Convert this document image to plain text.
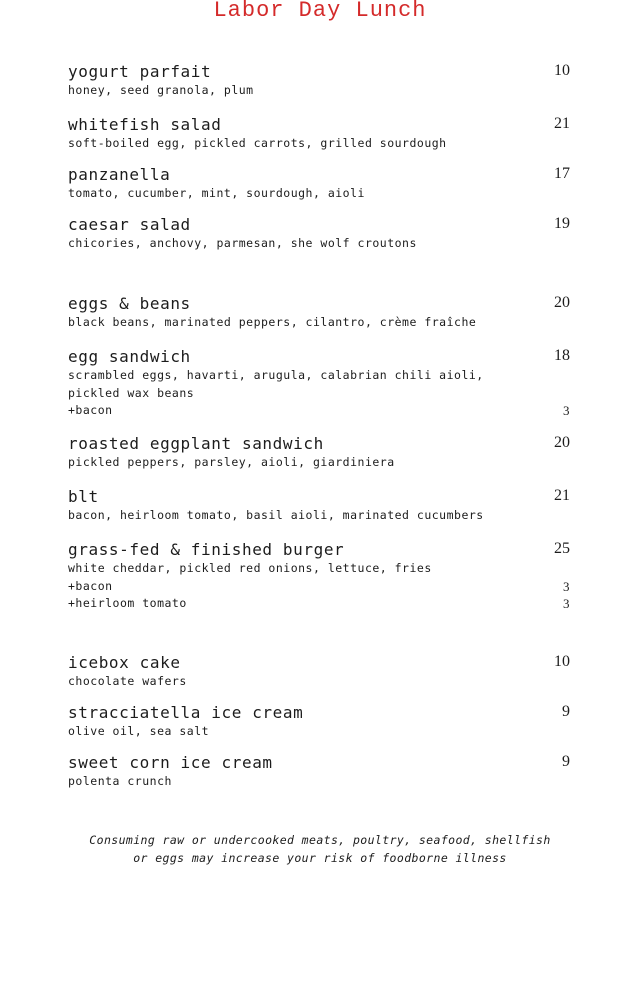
Labor Day Lunch
yogurt parfait	10
honey, seed granola, plum
whitefish salad	21
soft-boiled egg, pickled carrots, grilled sourdough
panzanella	17
tomato, cucumber, mint, sourdough, aioli
caesar salad	19
chicories, anchovy, parmesan, she wolf croutons
eggs & beans	20
black beans, marinated peppers, cilantro, crème fraîche
egg sandwich	18
scrambled eggs, havarti, arugula, calabrian chili aioli,
pickled wax beans
+bacon	3
roasted eggplant sandwich	20
pickled peppers, parsley, aioli, giardiniera
blt	21
bacon, heirloom tomato, basil aioli, marinated cucumbers
grass-fed & finished burger	25
white cheddar, pickled red onions, lettuce, fries
+bacon	3
+heirloom tomato	3
icebox cake	10
chocolate wafers
stracciatella ice cream	9
olive oil, sea salt
sweet corn ice cream	9
polenta crunch
Consuming raw or undercooked meats, poultry, seafood, shellfish
or eggs may increase your risk of foodborne illness
